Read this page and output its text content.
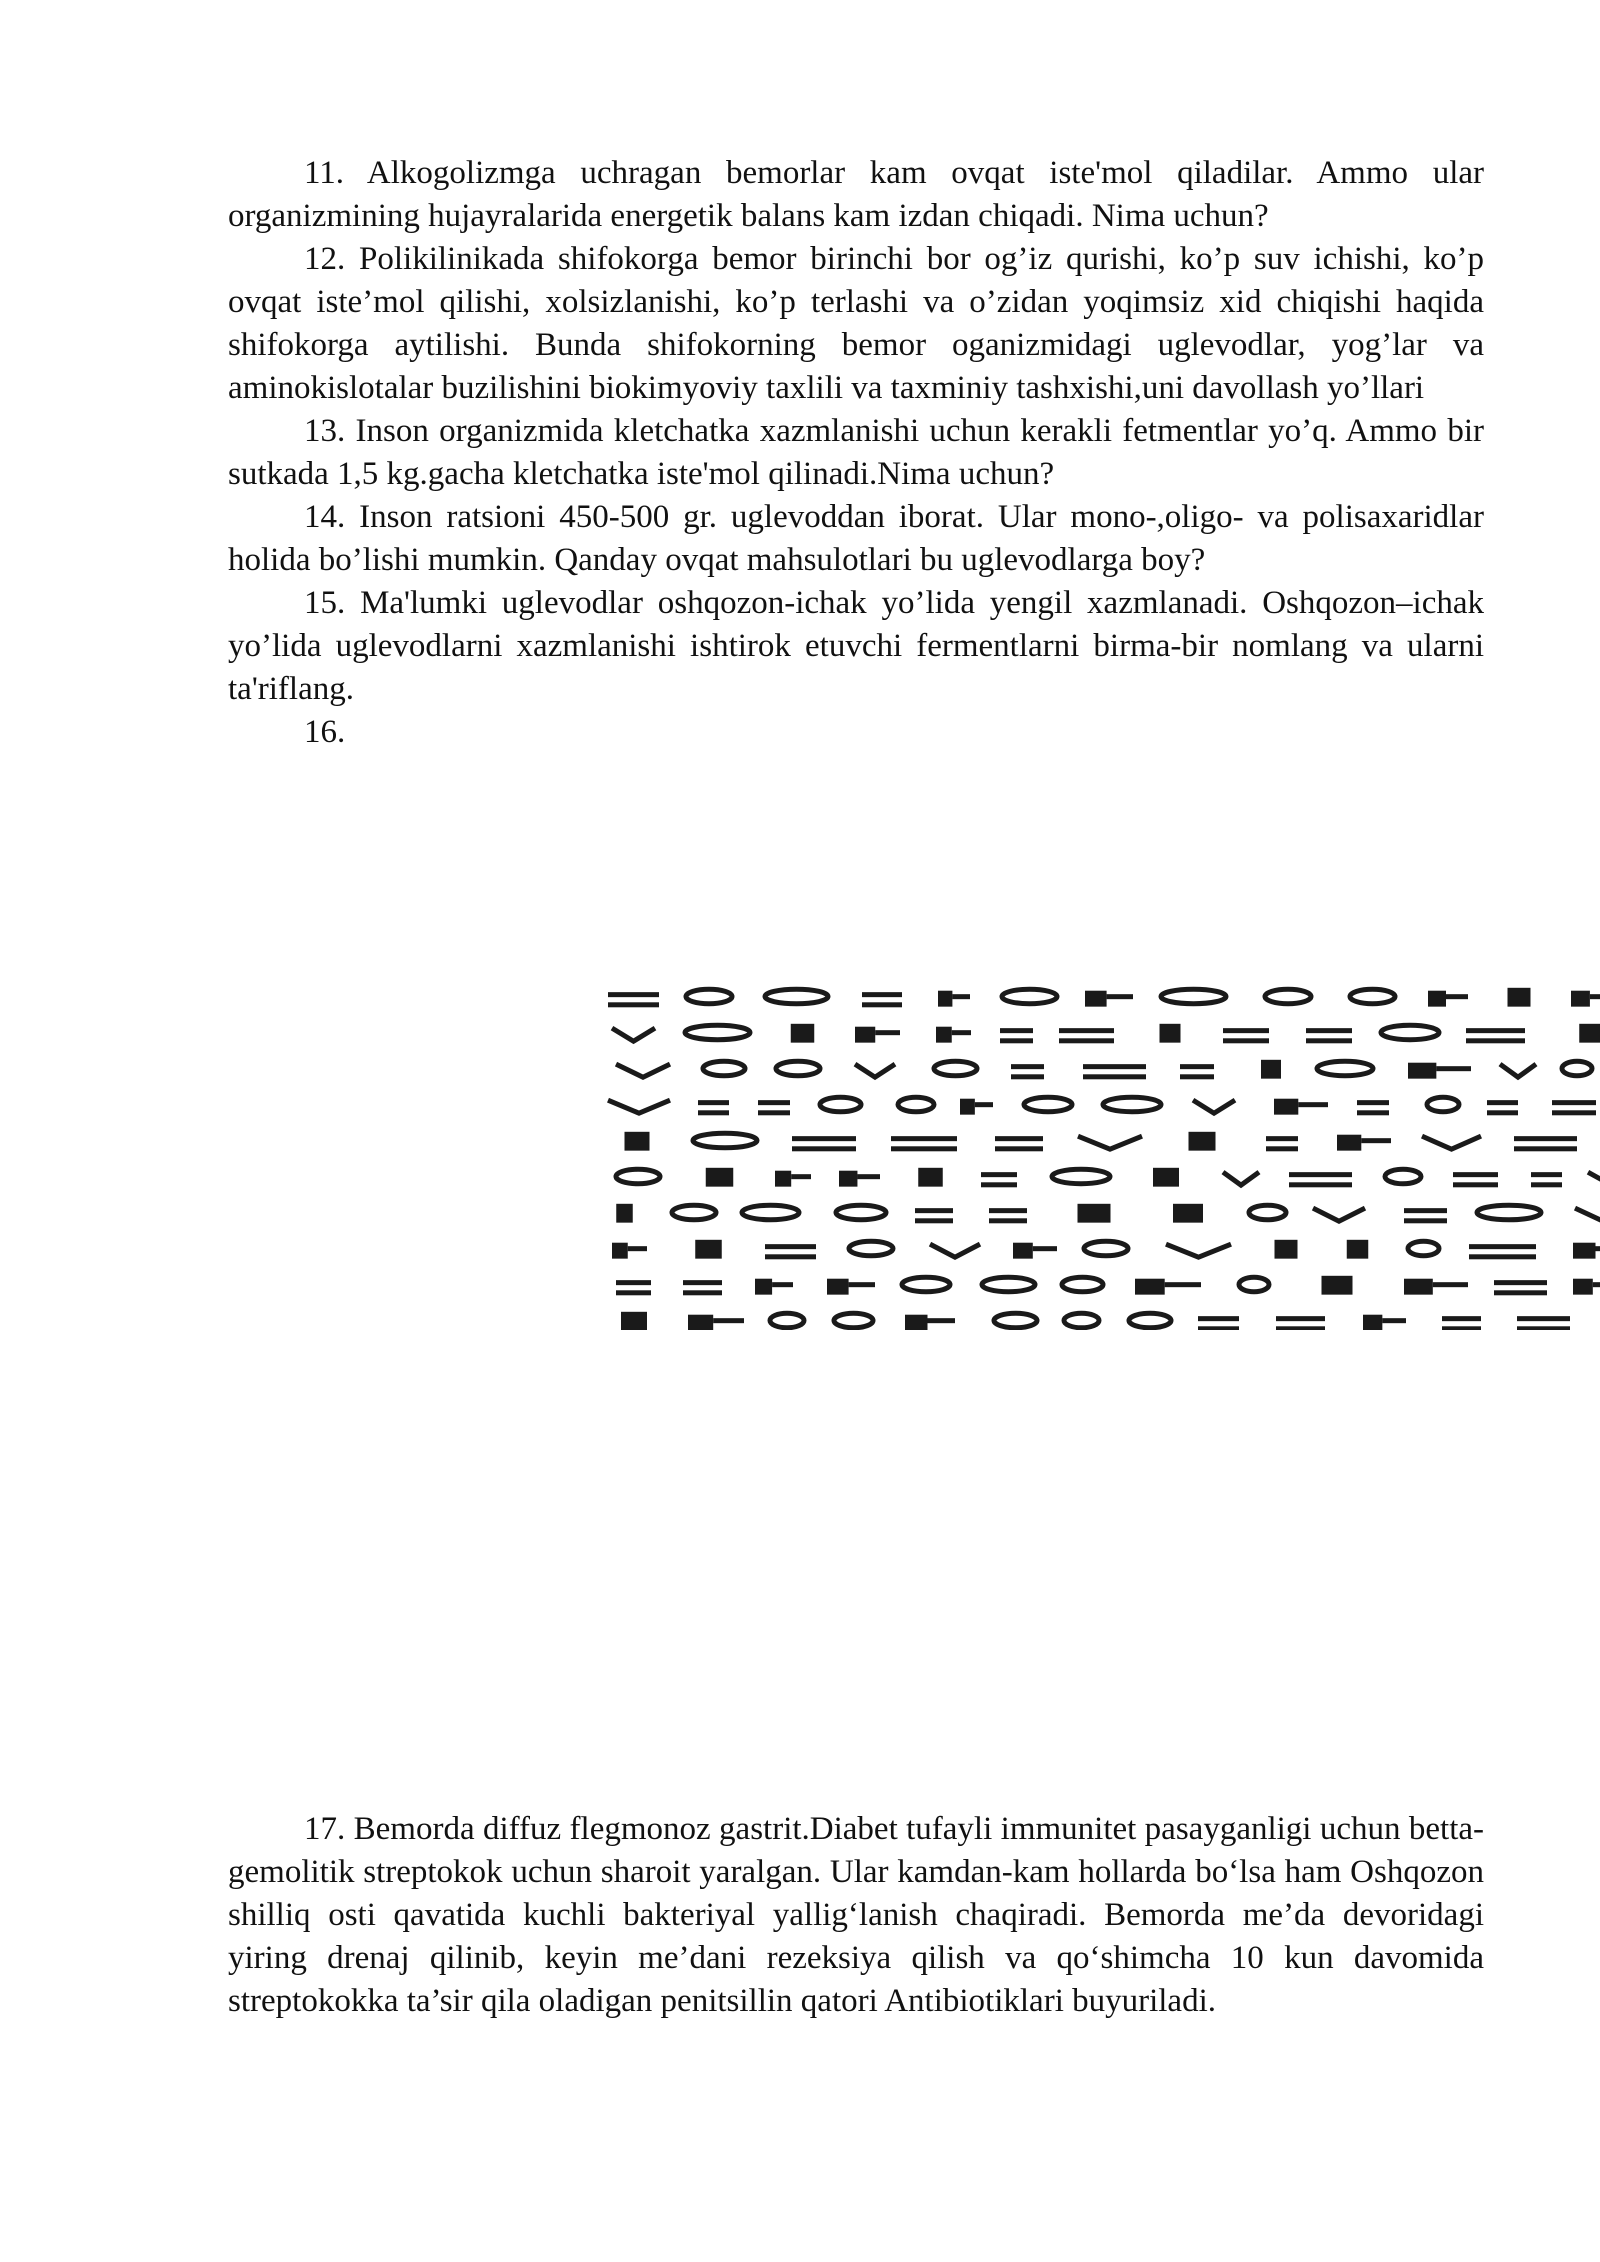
11. Alkogolizmga uchragan bemorlar kam ovqat iste'mol qiladilar. Ammo ular organizmining hujayralarida energetik balans kam izdan chiqadi. Nima uchun?

12. Polikilinikada shifokorga bemor birinchi bor og’iz qurishi, ko’p suv ichishi, ko’p ovqat iste’mol qilishi, xolsizlanishi, ko’p terlashi va o’zidan yoqimsiz xid chiqishi haqida shifokorga aytilishi. Bunda shifokorning bemor oganizmidagi uglevodlar, yog’lar va aminokislotalar buzilishini biokimyoviy taxlili va taxminiy tashxishi,uni davollash yo’llari

13. Inson organizmida kletchatka xazmlanishi uchun kerakli fetmentlar yo’q. Ammo bir sutkada 1,5 kg.gacha kletchatka iste'mol qilinadi.Nima uchun?

14. Inson ratsioni 450-500 gr. uglevoddan iborat. Ular mono-,oligo- va polisaxaridlar holida bo’lishi mumkin. Qanday ovqat mahsulotlari bu uglevodlarga boy?

15. Ma'lumki uglevodlar oshqozon-ichak yo’lida yengil xazmlanadi. Oshqozon–ichak yo’lida uglevodlarni xazmlanishi ishtirok etuvchi fermentlarni birma-bir nomlang va ularni ta'riflang.

16.

17. Bemorda diffuz flegmonoz gastrit.Diabet tufayli immunitet pasayganligi uchun betta-gemolitik streptokok uchun sharoit yaralgan. Ular kamdan-kam hollarda bo‘lsa ham Oshqozon shilliq osti qavatida kuchli bakteriyal yallig‘lanish chaqiradi. Bemorda me’da devoridagi yiring drenaj qilinib, keyin me’dani rezeksiya qilish va qo‘shimcha 10 kun davomida streptokokka ta’sir qila oladigan penitsillin qatori Antibiotiklari buyuriladi.
